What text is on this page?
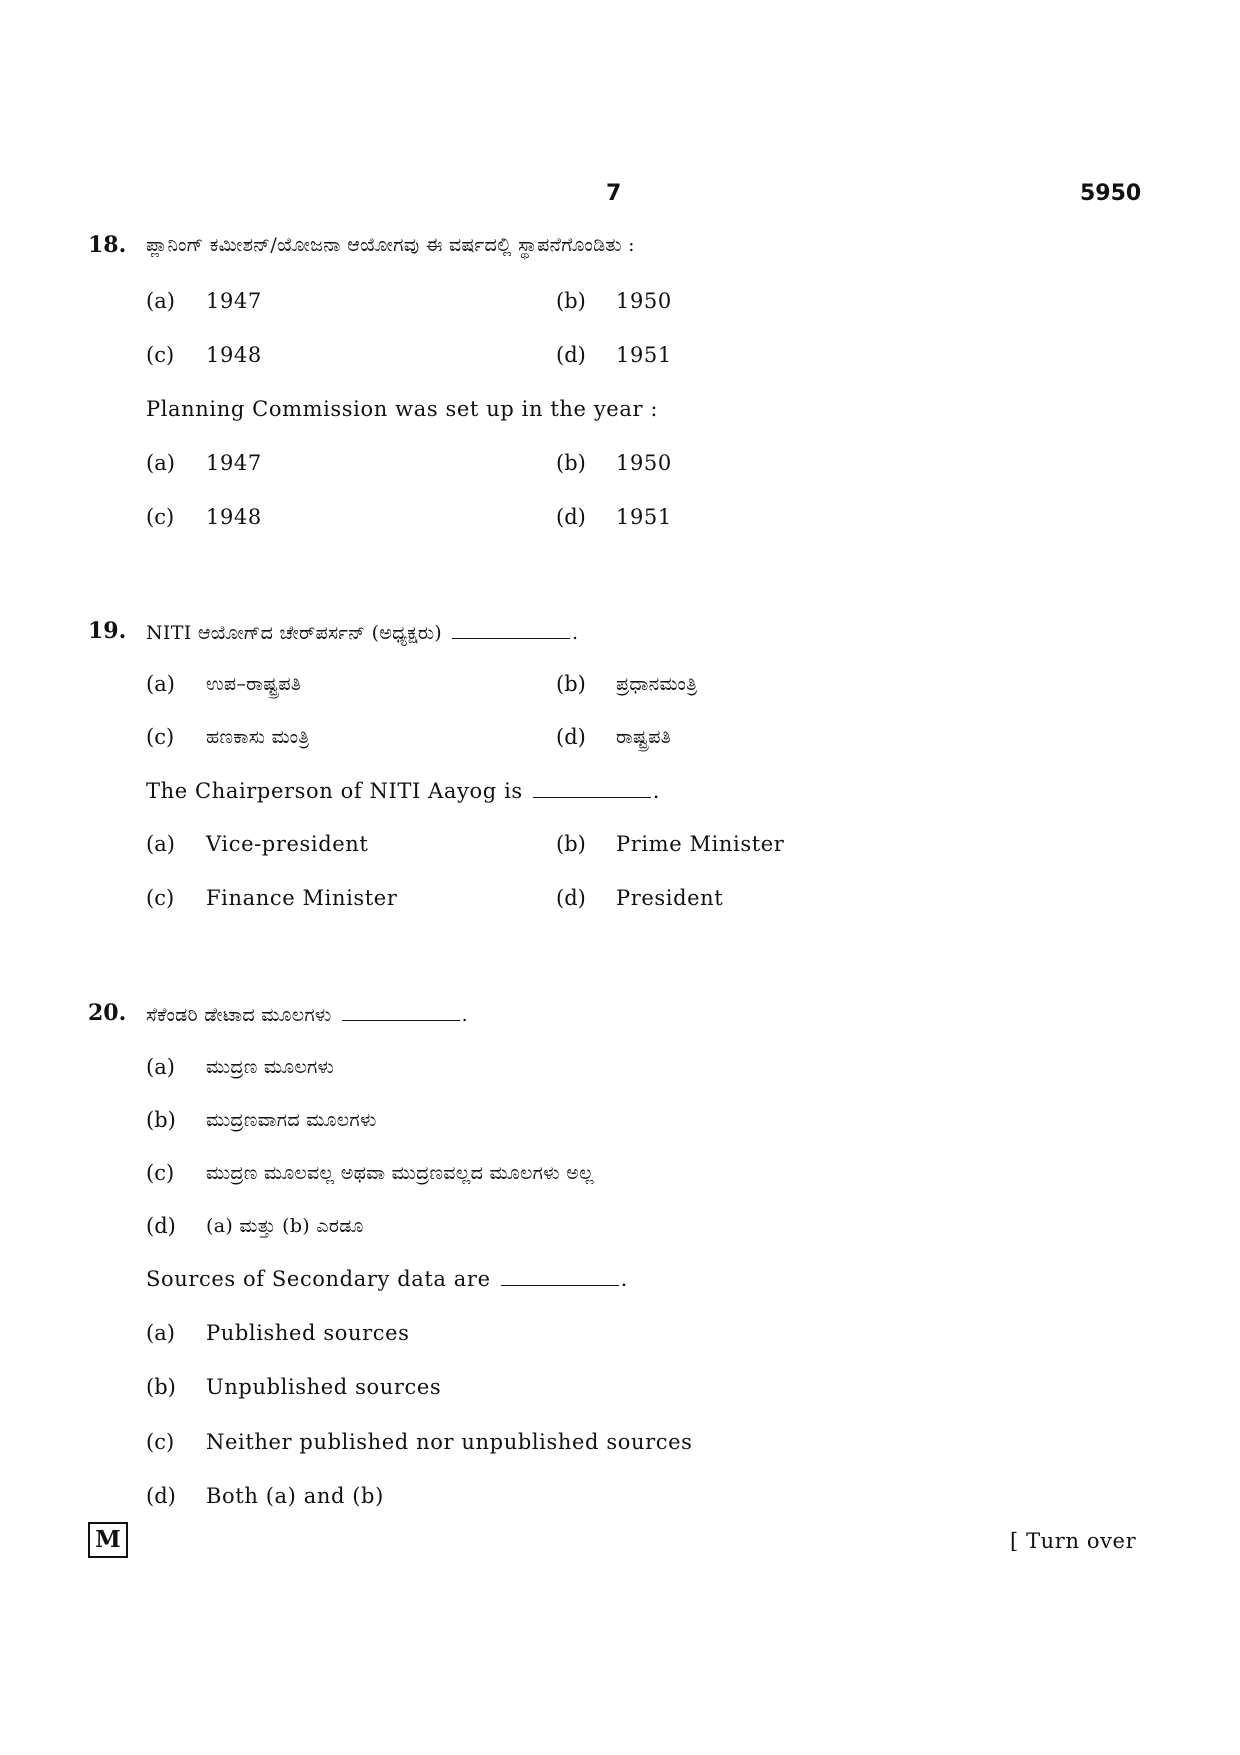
7	5950
18. ಪ್ಲಾನಿಂಗ್ ಕಮೀಶನ್/ಯೋಜನಾ ಆಯೋಗವು ಈ ವರ್ಷದಲ್ಲಿ ಸ್ಥಾಪನೆಗೊಂಡಿತು :
(a) 1947	(b) 1950
(c) 1948	(d) 1951
Planning Commission was set up in the year :
(a) 1947	(b) 1950
(c) 1948	(d) 1951
19. NITI ಆಯೋಗ್‌ದ ಚೇರ್‌ಪರ್ಸನ್ (ಅಧ್ಯಕ್ಷರು)	.
(a) ಉಪ–ರಾಷ್ಟ್ರಪತಿ	(b) ಪ್ರಧಾನಮಂತ್ರಿ
(c) ಹಣಕಾಸು ಮಂತ್ರಿ	(d) ರಾಷ್ಟ್ರಪತಿ
The Chairperson of NITI Aayog is	.
(a) Vice-president	(b) Prime Minister
(c) Finance Minister	(d) President
20. ಸೆಕೆಂಡರಿ ಡೇಟಾದ ಮೂಲಗಳು	.
(a) ಮುದ್ರಣ ಮೂಲಗಳು
(b) ಮುದ್ರಣವಾಗದ ಮೂಲಗಳು
(c) ಮುದ್ರಣ ಮೂಲವಲ್ಲ ಅಥವಾ ಮುದ್ರಣವಲ್ಲದ ಮೂಲಗಳು ಅಲ್ಲ
(d) (a) ಮತ್ತು (b) ಎರಡೂ
Sources of Secondary data are	.
(a) Published sources
(b) Unpublished sources
(c) Neither published nor unpublished sources
(d) Both (a) and (b)
M	[ Turn over
